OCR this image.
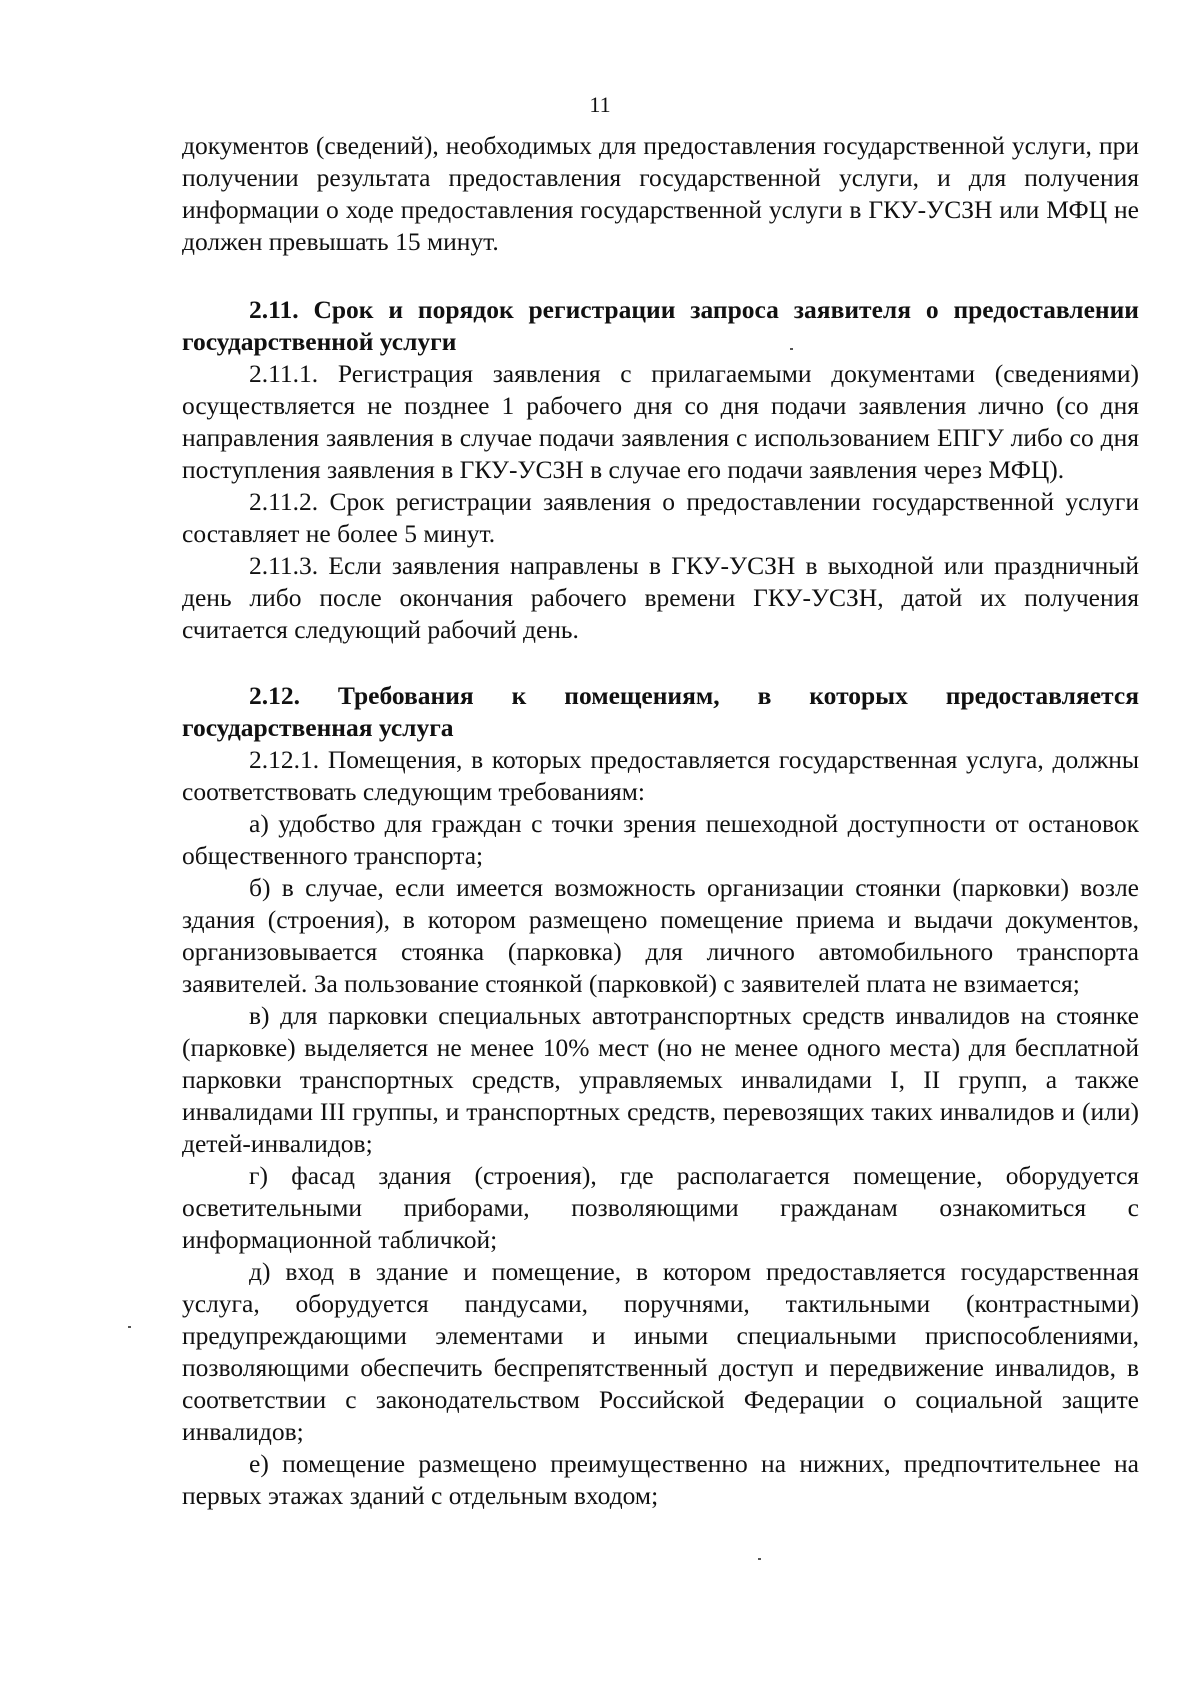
11

документов (сведений), необходимых для предоставления государственной услуги, при получении результата предоставления государственной услуги, и для получения информации о ходе предоставления государственной услуги в ГКУ-УСЗН или МФЦ не должен превышать 15 минут.

2.11. Срок и порядок регистрации запроса заявителя о предоставлении государственной услуги

2.11.1. Регистрация заявления с прилагаемыми документами (сведениями) осуществляется не позднее 1 рабочего дня со дня подачи заявления лично (со дня направления заявления в случае подачи заявления с использованием ЕПГУ либо со дня поступления заявления в ГКУ-УСЗН в случае его подачи заявления через МФЦ).

2.11.2. Срок регистрации заявления о предоставлении государственной услуги составляет не более 5 минут.

2.11.3. Если заявления направлены в ГКУ-УСЗН в выходной или праздничный день либо после окончания рабочего времени ГКУ-УСЗН, датой их получения считается следующий рабочий день.

2.12. Требования к помещениям, в которых предоставляется государственная услуга

2.12.1. Помещения, в которых предоставляется государственная услуга, должны соответствовать следующим требованиям:

а) удобство для граждан с точки зрения пешеходной доступности от остановок общественного транспорта;

б) в случае, если имеется возможность организации стоянки (парковки) возле здания (строения), в котором размещено помещение приема и выдачи документов, организовывается стоянка (парковка) для личного автомобильного транспорта заявителей. За пользование стоянкой (парковкой) с заявителей плата не взимается;

в) для парковки специальных автотранспортных средств инвалидов на стоянке (парковке) выделяется не менее 10% мест (но не менее одного места) для бесплатной парковки транспортных средств, управляемых инвалидами I, II групп, а также инвалидами III группы, и транспортных средств, перевозящих таких инвалидов и (или) детей-инвалидов;

г) фасад здания (строения), где располагается помещение, оборудуется осветительными приборами, позволяющими гражданам ознакомиться с информационной табличкой;

д) вход в здание и помещение, в котором предоставляется государственная услуга, оборудуется пандусами, поручнями, тактильными (контрастными) предупреждающими элементами и иными специальными приспособлениями, позволяющими обеспечить беспрепятственный доступ и передвижение инвалидов, в соответствии с законодательством Российской Федерации о социальной защите инвалидов;

е) помещение размещено преимущественно на нижних, предпочтительнее на первых этажах зданий с отдельным входом;
